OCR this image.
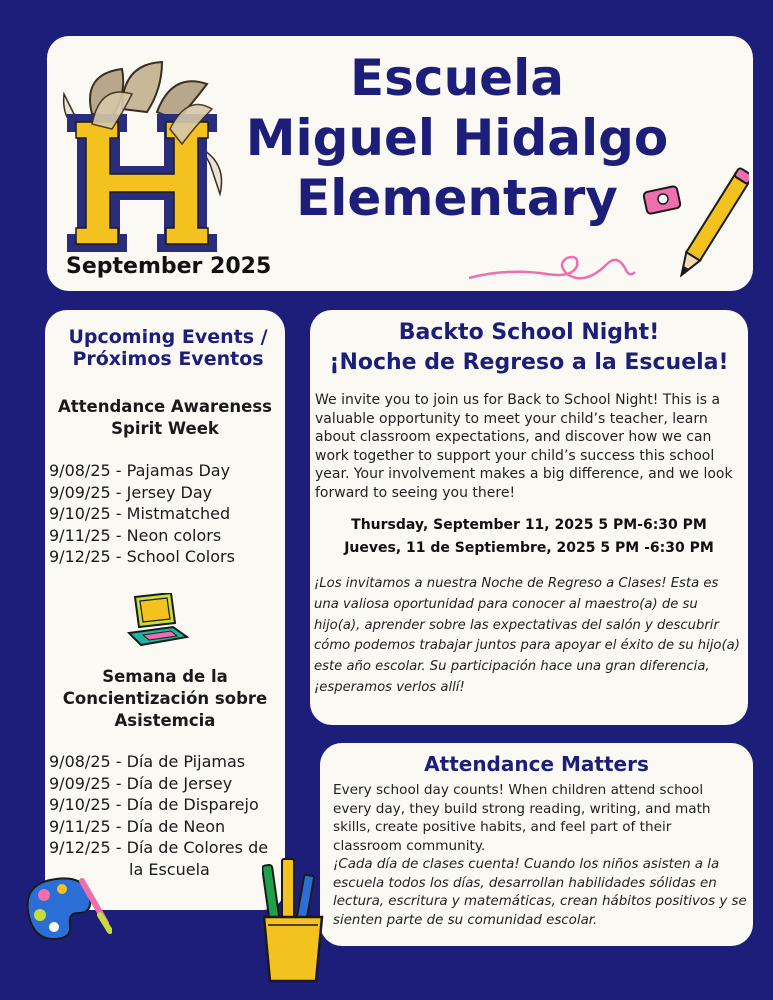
Escuela
Miguel Hidalgo
Elementary
September 2025
Upcoming Events /
Próximos Eventos
Attendance Awareness
Spirit Week
9/08/25 - Pajamas Day
9/09/25 - Jersey Day
9/10/25 - Mistmatched
9/11/25 - Neon colors
9/12/25 - School Colors
Semana de la
Concientización sobre
Asistemcia
9/08/25 - Día de Pijamas
9/09/25 - Día de Jersey
9/10/25 - Día de Disparejo
9/11/25 - Día de Neon
9/12/25 - Día de Colores de
la Escuela
Backto School Night!
¡Noche de Regreso a la Escuela!
We invite you to join us for Back to School Night! This is a valuable opportunity to meet your child’s teacher, learn about classroom expectations, and discover how we can work together to support your child’s success this school year. Your involvement makes a big difference, and we look forward to seeing you there!
Thursday, September 11, 2025 5 PM-6:30 PM
Jueves, 11 de Septiembre, 2025 5 PM -6:30 PM
¡Los invitamos a nuestra Noche de Regreso a Clases! Esta es una valiosa oportunidad para conocer al maestro(a) de su hijo(a), aprender sobre las expectativas del salón y descubrir cómo podemos trabajar juntos para apoyar el éxito de su hijo(a) este año escolar. Su participación hace una gran diferencia, ¡esperamos verlos allí!
Attendance Matters
Every school day counts! When children attend school every day, they build strong reading, writing, and math skills, create positive habits, and feel part of their classroom community.
¡Cada día de clases cuenta! Cuando los niños asisten a la escuela todos los días, desarrollan habilidades sólidas en lectura, escritura y matemáticas, crean hábitos positivos y se sienten parte de su comunidad escolar.
